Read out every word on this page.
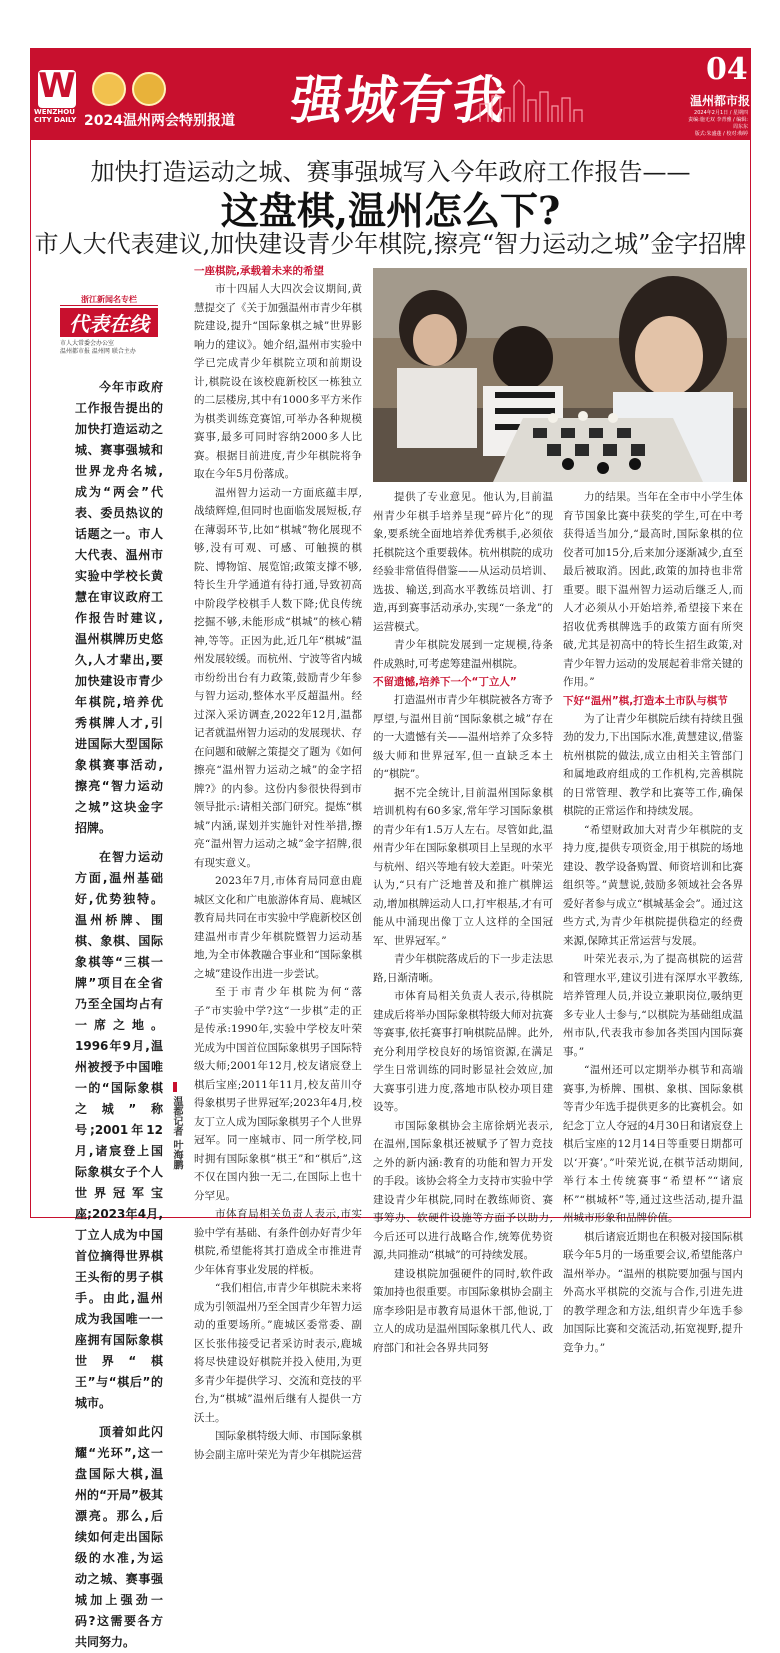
W
WENZHOU
CITY DAILY 2024温州两会特别报道 强城有我
04
温州都市报
2024年2月1日 / 星期四
责编:施无双 李青雅 / 编辑:周东东
版式:朱盛蓬 / 校对:梅婷
加快打造运动之城、赛事强城写入今年政府工作报告——
这盘棋,温州怎么下?
市人大代表建议,加快建设青少年棋院,擦亮“智力运动之城”金字招牌
浙江新闻名专栏
代表在线
市人大常委会办公室
温州都市报 温州网 联合主办

今年市政府工作报告提出的加快打造运动之城、赛事强城和世界龙舟名城,成为“两会”代表、委员热议的话题之一。市人大代表、温州市实验中学校长黄慧在审议政府工作报告时建议,温州棋牌历史悠久,人才辈出,要加快建设市青少年棋院,培养优秀棋牌人才,引进国际大型国际象棋赛事活动,擦亮“智力运动之城”这块金字招牌。

在智力运动方面,温州基础好,优势独特。温州桥牌、围棋、象棋、国际象棋等“三棋一牌”项目在全省乃至全国均占有一席之地。1996年9月,温州被授予中国唯一的“国际象棋之城”称号;2001年12月,诸宸登上国际象棋女子个人世界冠军宝座;2023年4月,丁立人成为中国首位摘得世界棋王头衔的男子棋手。由此,温州成为我国唯一一座拥有国际象棋世界“棋王”与“棋后”的城市。

顶着如此闪耀“光环”,这一盘国际大棋,温州的“开局”极其漂亮。那么,后续如何走出国际级的水准,为运动之城、赛事强城加上强劲一码?这需要各方共同努力。

温都记者 叶海鹏

一座棋院,承载着未来的希望

市十四届人大四次会议期间,黄慧提交了《关于加强温州市青少年棋院建设,提升“国际象棋之城”世界影响力的建议》。她介绍,温州市实验中学已完成青少年棋院立项和前期设计,棋院设在该校鹿新校区一栋独立的二层楼房,其中有1000多平方米作为棋类训练竞赛馆,可举办各种规模赛事,最多可同时容纳2000多人比赛。根据目前进度,青少年棋院将争取在今年5月份落成。

温州智力运动一方面底蕴丰厚,战绩辉煌,但同时也面临发展短板,存在薄弱环节,比如“棋城”物化展现不够,没有可观、可感、可触摸的棋院、博物馆、展览馆;政策支撑不够,特长生升学通道有待打通,导致初高中阶段学校棋手人数下降;优良传统挖掘不够,未能形成“棋城”的核心精神,等等。正因为此,近几年“棋城”温州发展较缓。而杭州、宁波等省内城市纷纷出台有力政策,鼓励青少年参与智力运动,整体水平反超温州。经过深入采访调查,2022年12月,温都记者就温州智力运动的发展现状、存在问题和破解之策提交了题为《如何擦亮“温州智力运动之城”的金字招牌?》的内参。这份内参很快得到市领导批示:请相关部门研究。提炼“棋城”内涵,谋划并实施针对性举措,擦亮“温州智力运动之城”金字招牌,很有现实意义。

2023年7月,市体育局同意由鹿城区文化和广电旅游体育局、鹿城区教育局共同在市实验中学鹿新校区创建温州市青少年棋院暨智力运动基地,为全市体教融合事业和“国际象棋之城”建设作出进一步尝试。

至于市青少年棋院为何“落子”市实验中学?这“一步棋”走的正是传承:1990年,实验中学校友叶荣光成为中国首位国际象棋男子国际特级大师;2001年12月,校友诸宸登上棋后宝座;2011年11月,校友苗川夺得象棋男子世界冠军;2023年4月,校友丁立人成为国际象棋男子个人世界冠军。同一座城市、同一所学校,同时拥有国际象棋“棋王”和“棋后”,这不仅在国内独一无二,在国际上也十分罕见。

市体育局相关负责人表示,市实验中学有基础、有条件创办好青少年棋院,希望能将其打造成全市推进青少年体育事业发展的样板。

“我们相信,市青少年棋院未来将成为引领温州乃至全国青少年智力运动的重要场所。”鹿城区委常委、副区长张伟接受记者采访时表示,鹿城将尽快建设好棋院并投入使用,为更多青少年提供学习、交流和竞技的平台,为“棋城”温州后继有人提供一方沃土。

国际象棋特级大师、市国际象棋协会副主席叶荣光为青少年棋院运营

提供了专业意见。他认为,目前温州青少年棋手培养呈现“碎片化”的现象,要系统全面地培养优秀棋手,必须依托棋院这个重要载体。杭州棋院的成功经验非常值得借鉴——从运动员培训、选拔、输送,到高水平教练员培训、打造,再到赛事活动承办,实现“一条龙”的运营模式。

青少年棋院发展到一定规模,待条件成熟时,可考虑筹建温州棋院。

不留遗憾,培养下一个“丁立人”

打造温州市青少年棋院被各方寄予厚望,与温州目前“国际象棋之城”存在的一大遗憾有关——温州培养了众多特级大师和世界冠军,但一直缺乏本土的“棋院”。

据不完全统计,目前温州国际象棋培训机构有60多家,常年学习国际象棋的青少年有1.5万人左右。尽管如此,温州青少年在国际象棋项目上呈现的水平与杭州、绍兴等地有较大差距。叶荣光认为,“只有广泛地普及和推广棋牌运动,增加棋牌运动人口,打牢根基,才有可能从中涌现出像丁立人这样的全国冠军、世界冠军。”

青少年棋院落成后的下一步走法思路,日渐清晰。

市体育局相关负责人表示,待棋院建成后将举办国际象棋特级大师对抗赛等赛事,依托赛事打响棋院品牌。此外,充分利用学校良好的场馆资源,在满足学生日常训练的同时影显社会效应,加大赛事引进力度,落地市队校办项目建设等。

市国际象棋协会主席徐炳光表示,在温州,国际象棋还被赋予了智力竞技之外的新内涵:教育的功能和智力开发的手段。该协会将全力支持市实验中学建设青少年棋院,同时在教练师资、赛事筹办、软硬件设施等方面予以助力,今后还可以进行战略合作,统筹优势资源,共同推动“棋城”的可持续发展。

建设棋院加强硬件的同时,软件政策加持也很重要。市国际象棋协会副主席李珍阳是市教育局退休干部,他说,丁立人的成功是温州国际象棋几代人、政府部门和社会各界共同努

力的结果。当年在全市中小学生体育节国象比赛中获奖的学生,可在中考获得适当加分,“最高时,国际象棋的位佼者可加15分,后来加分逐渐减少,直至最后被取消。因此,政策的加持也非常重要。眼下温州智力运动后继乏人,而人才必须从小开始培养,希望接下来在招收优秀棋牌选手的政策方面有所突破,尤其是初高中的特长生招生政策,对青少年智力运动的发展起着非常关键的作用。”

下好“温州”棋,打造本土市队与棋节

为了让青少年棋院后续有持续且强劲的发力,下出国际水准,黄慧建议,借鉴杭州棋院的做法,成立由相关主管部门和属地政府组成的工作机构,完善棋院的日常管理、教学和比赛等工作,确保棋院的正常运作和持续发展。

“希望财政加大对青少年棋院的支持力度,提供专项资金,用于棋院的场地建设、教学设备购置、师资培训和比赛组织等。”黄慧说,鼓励多领域社会各界爱好者参与成立“棋城基金会”。通过这些方式,为青少年棋院提供稳定的经费来源,保障其正常运营与发展。

叶荣光表示,为了提高棋院的运营和管理水平,建议引进有深厚水平教练,培养管理人员,并设立兼职岗位,吸纳更多专业人士参与,“以棋院为基础组成温州市队,代表我市参加各类国内国际赛事。”

“温州还可以定期举办棋节和高端赛事,为桥牌、围棋、象棋、国际象棋等青少年选手提供更多的比赛机会。如纪念丁立人夺冠的4月30日和诸宸登上棋后宝座的12月14日等重要日期都可以‘开赛’。”叶荣光说,在棋节活动期间,举行本土传统赛事“希望杯”“诸宸杯”“棋城杯”等,通过这些活动,提升温州城市形象和品牌价值。

棋后诸宸近期也在积极对接国际棋联今年5月的一场重要会议,希望能落户温州举办。“温州的棋院要加强与国内外高水平棋院的交流与合作,引进先进的教学理念和方法,组织青少年选手参加国际比赛和交流活动,拓宽视野,提升竞争力。”
